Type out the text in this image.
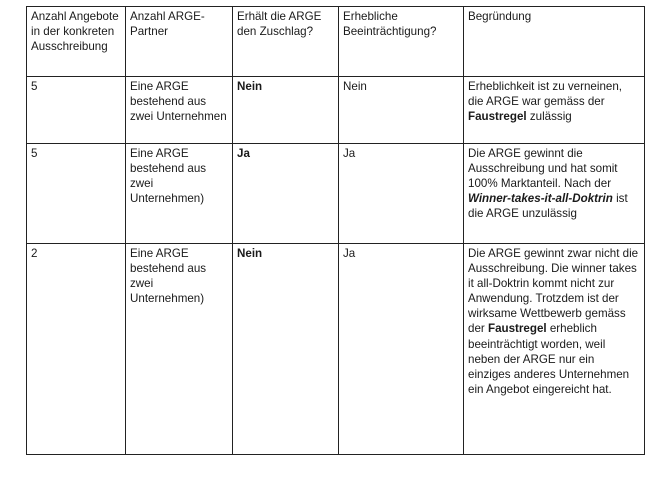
Anzahl Angebote in der konkreten Ausschreibung	Anzahl ARGE-Partner	Erhält die ARGE den Zuschlag?	Erhebliche Beeinträchtigung?	Begründung
5	Eine ARGE bestehend aus zwei Unternehmen	Nein	Nein	Erheblichkeit ist zu verneinen, die ARGE war gemäss der Faustregel zulässig
5	Eine ARGE bestehend aus zwei Unternehmen)	Ja	Ja	Die ARGE gewinnt die Ausschreibung und hat somit 100% Marktanteil. Nach der Winner-takes-it-all-Doktrin ist die ARGE unzulässig
2	Eine ARGE bestehend aus zwei Unternehmen)	Nein	Ja	Die ARGE gewinnt zwar nicht die Ausschreibung. Die winner takes it all-Doktrin kommt nicht zur Anwendung. Trotzdem ist der wirksame Wettbewerb gemäss der Faustregel erheblich beeinträchtigt worden, weil neben der ARGE nur ein einziges anderes Unternehmen ein Angebot eingereicht hat.
